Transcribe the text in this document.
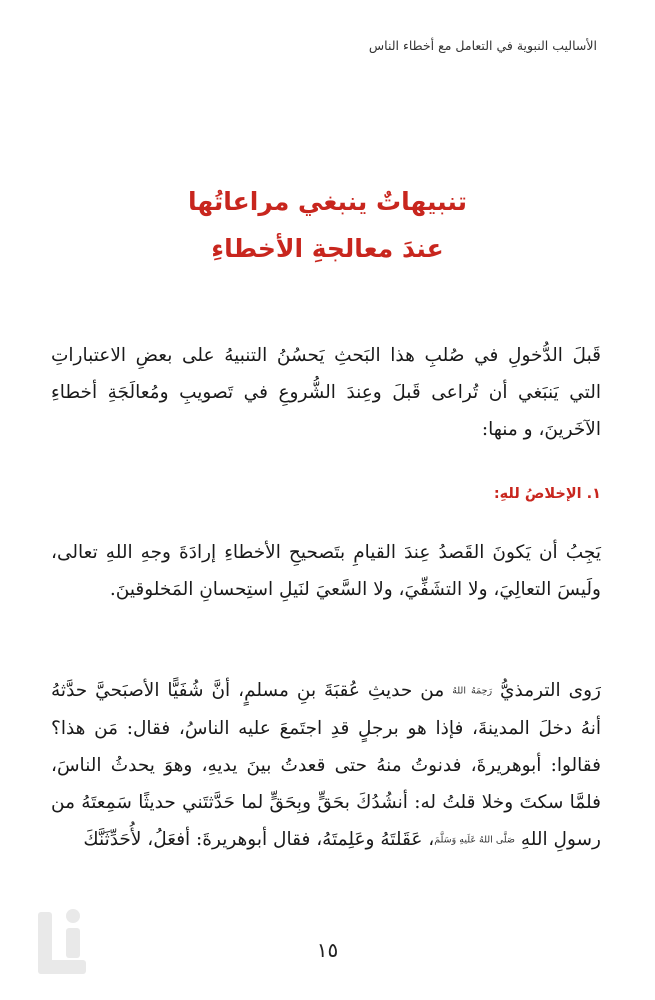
الأساليب النبوية في التعامل مع أخطاء الناس
تنبيهاتٌ ينبغي مراعاتُها
عندَ معالجةِ الأخطاءِ

قَبلَ الدُّخولِ في صُلبِ هذا البَحثِ يَحسُنُ التنبيهُ على بعضِ الاعتباراتِ التي يَنبَغي أن تُراعى قَبلَ وعِندَ الشُّروعِ في تَصويبِ ومُعالَجَةِ أخطاءِ الآخَرينَ، و منها:

١. الإخلاصُ للهِ:

يَجِبُ أن يَكونَ القَصدُ عِندَ القيامِ بتَصحيحِ الأخطاءِ إرادَةَ وجهِ اللهِ تعالى، ولَيسَ التعالِيَ، ولا التشَفِّيَ، ولا السَّعيَ لنَيلِ استِحسانِ المَخلوقينَ.

رَوى الترمذيُّ رَحِمَهُ اللهُ من حديثِ عُقبَةَ بنِ مسلمٍ، أنَّ شُفَيًّا الأصبَحيَّ حدَّثهُ أنهُ دخلَ المدينةَ، فإذا هو برجلٍ قدِ اجتَمعَ عليه الناسُ، فقال: مَن هذا؟ فقالوا: أبوهريرةَ، فدنوتُ منهُ حتى قعدتُ بينَ يديهِ، وهوَ يحدثُ الناسَ، فلمَّا سكتَ وخلا قلتُ له: أنشُدُكَ بحَقٍّ وبِحَقٍّ لما حَدَّثتَني حديثًا سَمِعتَهُ من رسولِ اللهِ صَلَّى اللهُ عَلَيهِ وَسَلَّمَ، عَقَلتَهُ وعَلِمتَهُ، فقال أبوهريرةَ: أفعَلُ، لأُحَدِّثَنَّكَ

١٥
